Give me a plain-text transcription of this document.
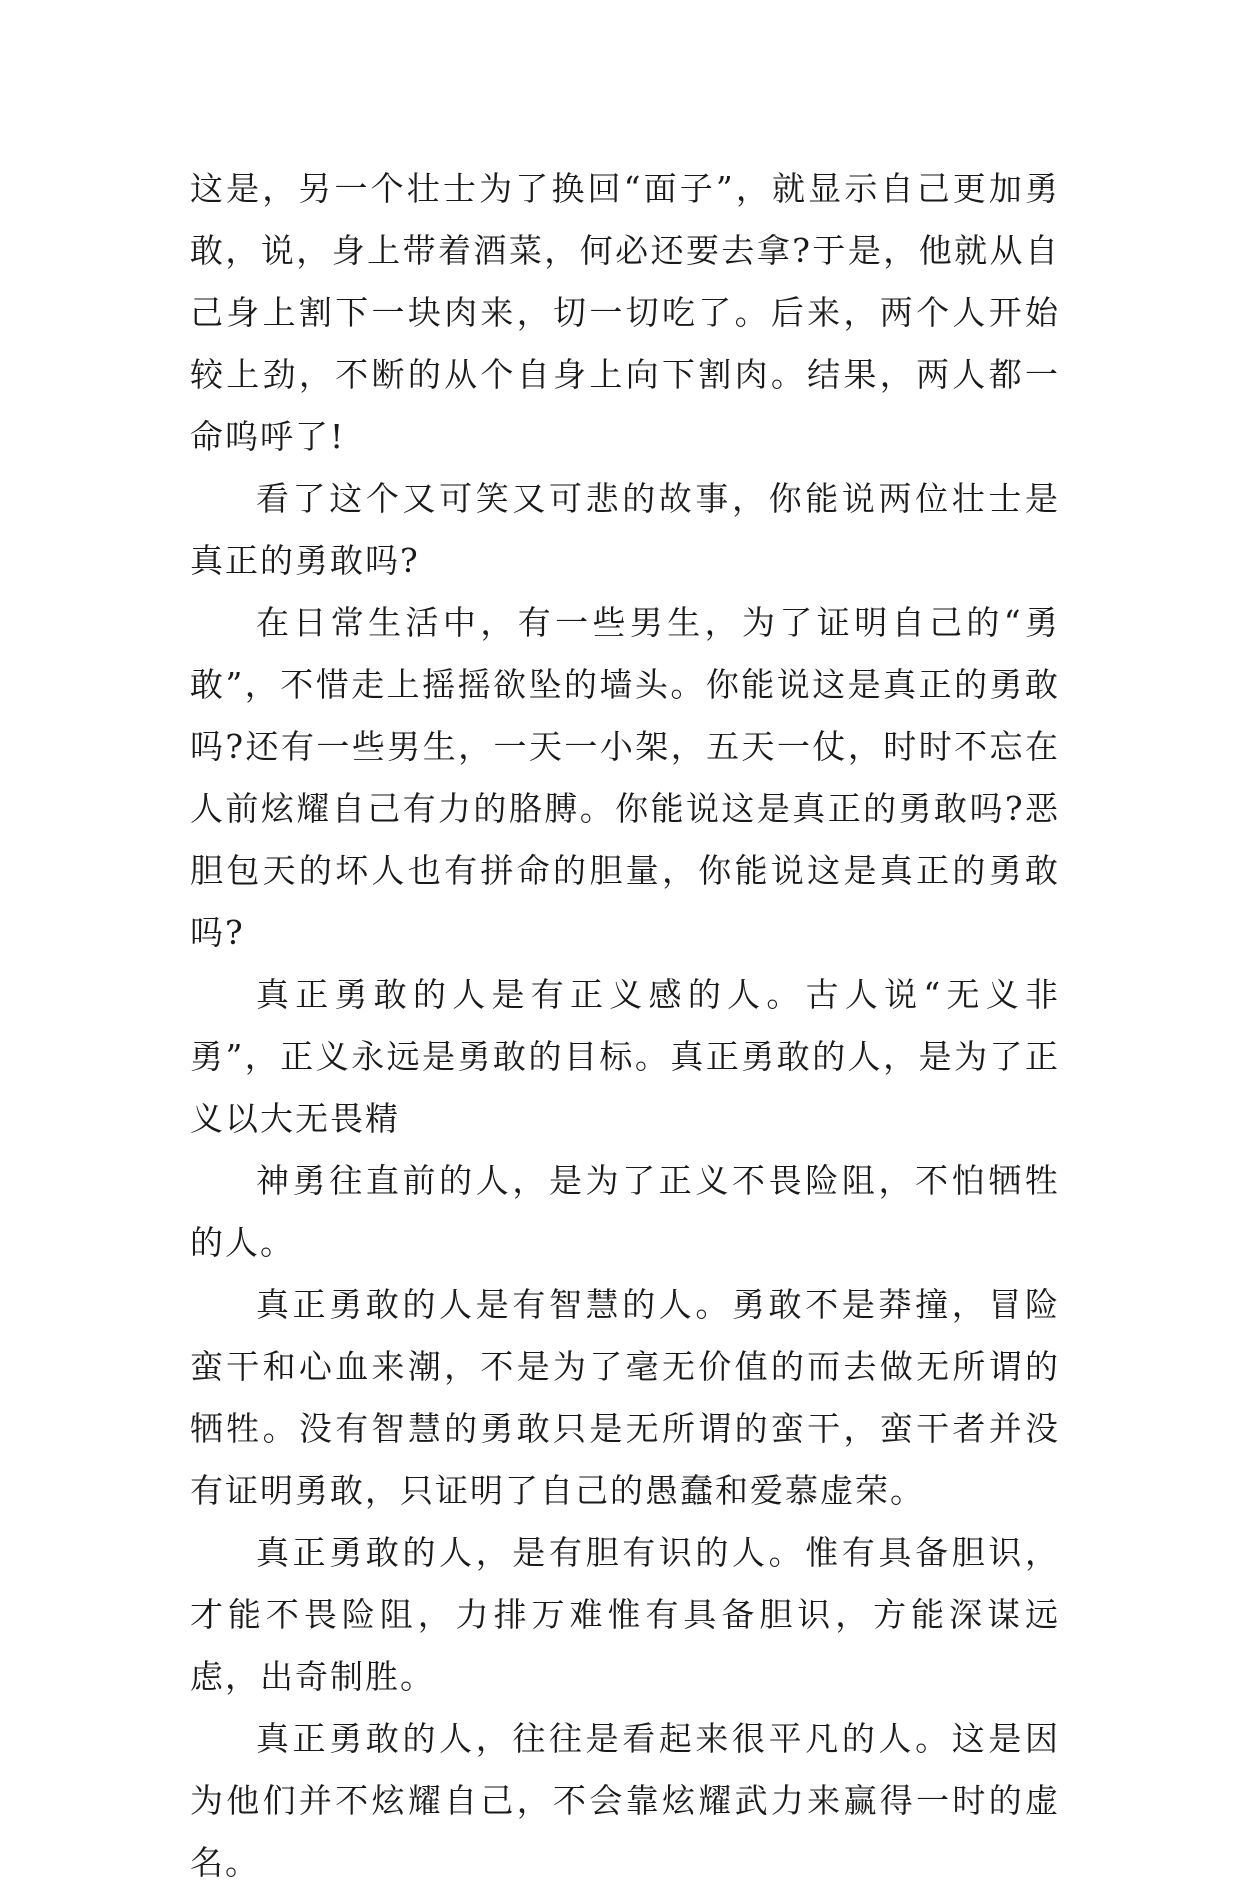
这是，另一个壮士为了换回“面子”，就显示自己更加勇敢，说，身上带着酒菜，何必还要去拿?于是，他就从自己身上割下一块肉来，切一切吃了。后来，两个人开始较上劲，不断的从个自身上向下割肉。结果，两人都一命呜呼了!

看了这个又可笑又可悲的故事，你能说两位壮士是真正的勇敢吗?

在日常生活中，有一些男生，为了证明自己的“勇敢”，不惜走上摇摇欲坠的墙头。你能说这是真正的勇敢吗?还有一些男生，一天一小架，五天一仗，时时不忘在人前炫耀自己有力的胳膊。你能说这是真正的勇敢吗?恶胆包天的坏人也有拼命的胆量，你能说这是真正的勇敢吗?

真正勇敢的人是有正义感的人。古人说“无义非勇”，正义永远是勇敢的目标。真正勇敢的人，是为了正义以大无畏精

神勇往直前的人，是为了正义不畏险阻，不怕牺牲的人。

真正勇敢的人是有智慧的人。勇敢不是莽撞，冒险蛮干和心血来潮，不是为了毫无价值的而去做无所谓的牺牲。没有智慧的勇敢只是无所谓的蛮干，蛮干者并没有证明勇敢，只证明了自己的愚蠢和爱慕虚荣。

真正勇敢的人，是有胆有识的人。惟有具备胆识，才能不畏险阻，力排万难惟有具备胆识，方能深谋远虑，出奇制胜。

真正勇敢的人，往往是看起来很平凡的人。这是因为他们并不炫耀自己，不会靠炫耀武力来赢得一时的虚名。
